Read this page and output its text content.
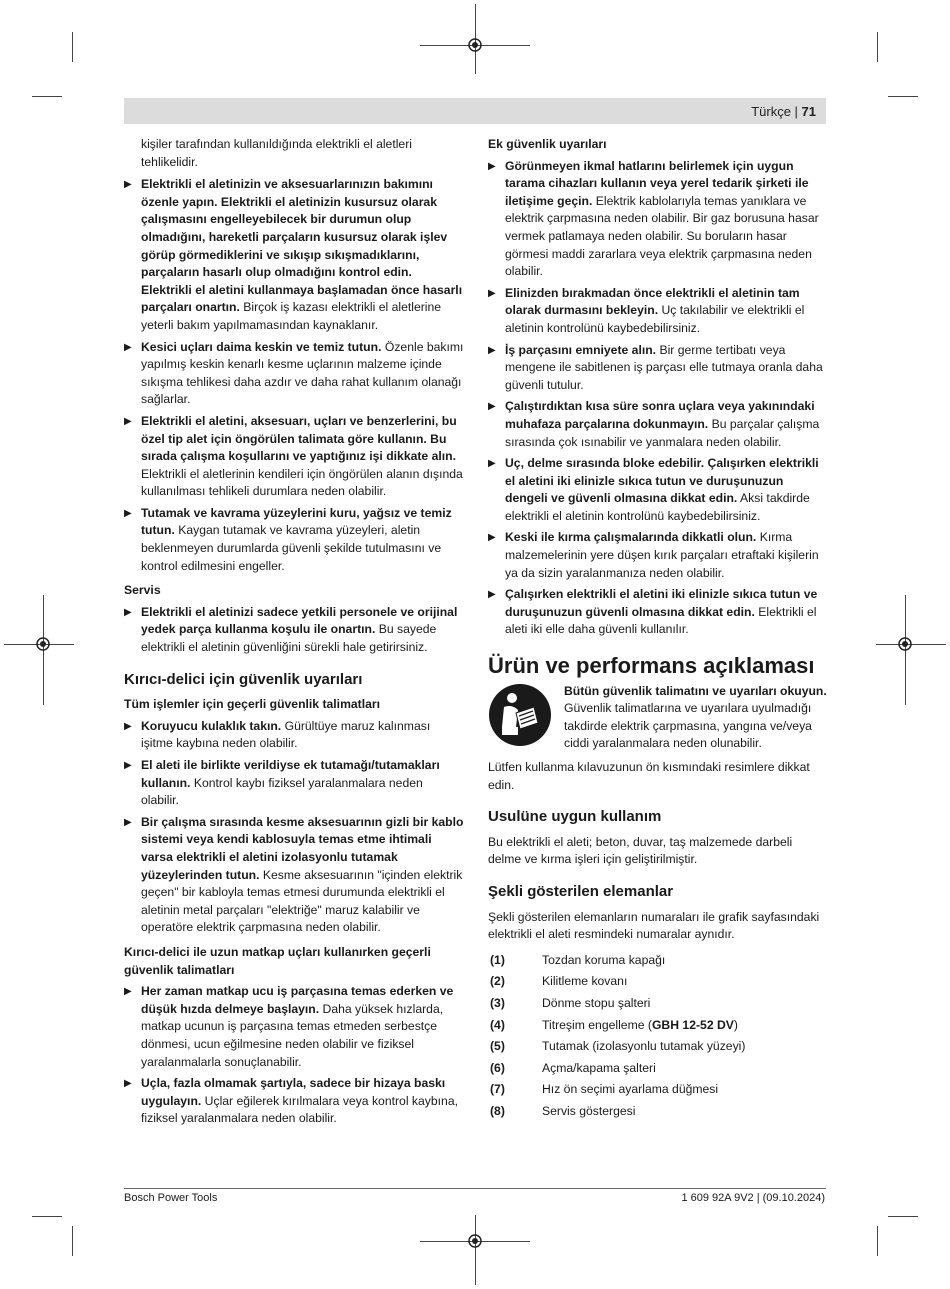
Türkçe | 71
kişiler tarafından kullanıldığında elektrikli el aletleri tehlikelidir.
▶
Elektrikli el aletinizin ve aksesuarlarınızın bakımını özenle yapın. Elektrikli el aletinizin kusursuz olarak çalışmasını engelleyebilecek bir durumun olup olmadığını, hareketli parçaların kusursuz olarak işlev görüp görmediklerini ve sıkışıp sıkışmadıklarını, parçaların hasarlı olup olmadığını kontrol edin. Elektrikli el aletini kullanmaya başlamadan önce hasarlı parçaları onartın. Birçok iş kazası elektrikli el aletlerine yeterli bakım yapılmamasından kaynaklanır.
▶
Kesici uçları daima keskin ve temiz tutun. Özenle bakımı yapılmış keskin kenarlı kesme uçlarının malzeme içinde sıkışma tehlikesi daha azdır ve daha rahat kullanım olanağı sağlarlar.
▶
Elektrikli el aletini, aksesuarı, uçları ve benzerlerini, bu özel tip alet için öngörülen talimata göre kullanın. Bu sırada çalışma koşullarını ve yaptığınız işi dikkate alın. Elektrikli el aletlerinin kendileri için öngörülen alanın dışında kullanılması tehlikeli durumlara neden olabilir.
▶
Tutamak ve kavrama yüzeylerini kuru, yağsız ve temiz tutun. Kaygan tutamak ve kavrama yüzeyleri, aletin beklenmeyen durumlarda güvenli şekilde tutulmasını ve kontrol edilmesini engeller.
Servis
▶
Elektrikli el aletinizi sadece yetkili personele ve orijinal yedek parça kullanma koşulu ile onartın. Bu sayede elektrikli el aletinin güvenliğini sürekli hale getirirsiniz.
Kırıcı-delici için güvenlik uyarıları
Tüm işlemler için geçerli güvenlik talimatları
▶
Koruyucu kulaklık takın. Gürültüye maruz kalınması işitme kaybına neden olabilir.
▶
El aleti ile birlikte verildiyse ek tutamağı/tutamakları kullanın. Kontrol kaybı fiziksel yaralanmalara neden olabilir.
▶
Bir çalışma sırasında kesme aksesuarının gizli bir kablo sistemi veya kendi kablosuyla temas etme ihtimali varsa elektrikli el aletini izolasyonlu tutamak yüzeylerinden tutun. Kesme aksesuarının "içinden elektrik geçen" bir kabloyla temas etmesi durumunda elektrikli el aletinin metal parçaları "elektriğe" maruz kalabilir ve operatöre elektrik çarpmasına neden olabilir.
Kırıcı-delici ile uzun matkap uçları kullanırken geçerli güvenlik talimatları
▶
Her zaman matkap ucu iş parçasına temas ederken ve düşük hızda delmeye başlayın. Daha yüksek hızlarda, matkap ucunun iş parçasına temas etmeden serbestçe dönmesi, ucun eğilmesine neden olabilir ve fiziksel yaralanmalarla sonuçlanabilir.
▶
Uçla, fazla olmamak şartıyla, sadece bir hizaya baskı uygulayın. Uçlar eğilerek kırılmalara veya kontrol kaybına, fiziksel yaralanmalara neden olabilir.
Ek güvenlik uyarıları
▶
Görünmeyen ikmal hatlarını belirlemek için uygun tarama cihazları kullanın veya yerel tedarik şirketi ile iletişime geçin. Elektrik kablolarıyla temas yanıklara ve elektrik çarpmasına neden olabilir. Bir gaz borusuna hasar vermek patlamaya neden olabilir. Su boruların hasar görmesi maddi zararlara veya elektrik çarpmasına neden olabilir.
▶
Elinizden bırakmadan önce elektrikli el aletinin tam olarak durmasını bekleyin. Uç takılabilir ve elektrikli el aletinin kontrolünü kaybedebilirsiniz.
▶
İş parçasını emniyete alın. Bir germe tertibatı veya mengene ile sabitlenen iş parçası elle tutmaya oranla daha güvenli tutulur.
▶
Çalıştırdıktan kısa süre sonra uçlara veya yakınındaki muhafaza parçalarına dokunmayın. Bu parçalar çalışma sırasında çok ısınabilir ve yanmalara neden olabilir.
▶
Uç, delme sırasında bloke edebilir. Çalışırken elektrikli el aletini iki elinizle sıkıca tutun ve duruşunuzun dengeli ve güvenli olmasına dikkat edin. Aksi takdirde elektrikli el aletinin kontrolünü kaybedebilirsiniz.
▶
Keski ile kırma çalışmalarında dikkatli olun. Kırma malzemelerinin yere düşen kırık parçaları etraftaki kişilerin ya da sizin yaralanmanıza neden olabilir.
▶
Çalışırken elektrikli el aletini iki elinizle sıkıca tutun ve duruşunuzun güvenli olmasına dikkat edin. Elektrikli el aleti iki elle daha güvenli kullanılır.
Ürün ve performans açıklaması
Bütün güvenlik talimatını ve uyarıları okuyun. Güvenlik talimatlarına ve uyarılara uyulmadığı takdirde elektrik çarpmasına, yangına ve/veya ciddi yaralanmalara neden olunabilir.
Lütfen kullanma kılavuzunun ön kısmındaki resimlere dikkat edin.
Usulüne uygun kullanım
Bu elektrikli el aleti; beton, duvar, taş malzemede darbeli delme ve kırma işleri için geliştirilmiştir.
Şekli gösterilen elemanlar
Şekli gösterilen elemanların numaraları ile grafik sayfasındaki elektrikli el aleti resmindeki numaralar aynıdır.
(1)	Tozdan koruma kapağı
(2)	Kilitleme kovanı
(3)	Dönme stopu şalteri
(4)	Titreşim engelleme (GBH 12-52 DV)
(5)	Tutamak (izolasyonlu tutamak yüzeyi)
(6)	Açma/kapama şalteri
(7)	Hız ön seçimi ayarlama düğmesi
(8)	Servis göstergesi
Bosch Power Tools	1 609 92A 9V2 | (09.10.2024)
